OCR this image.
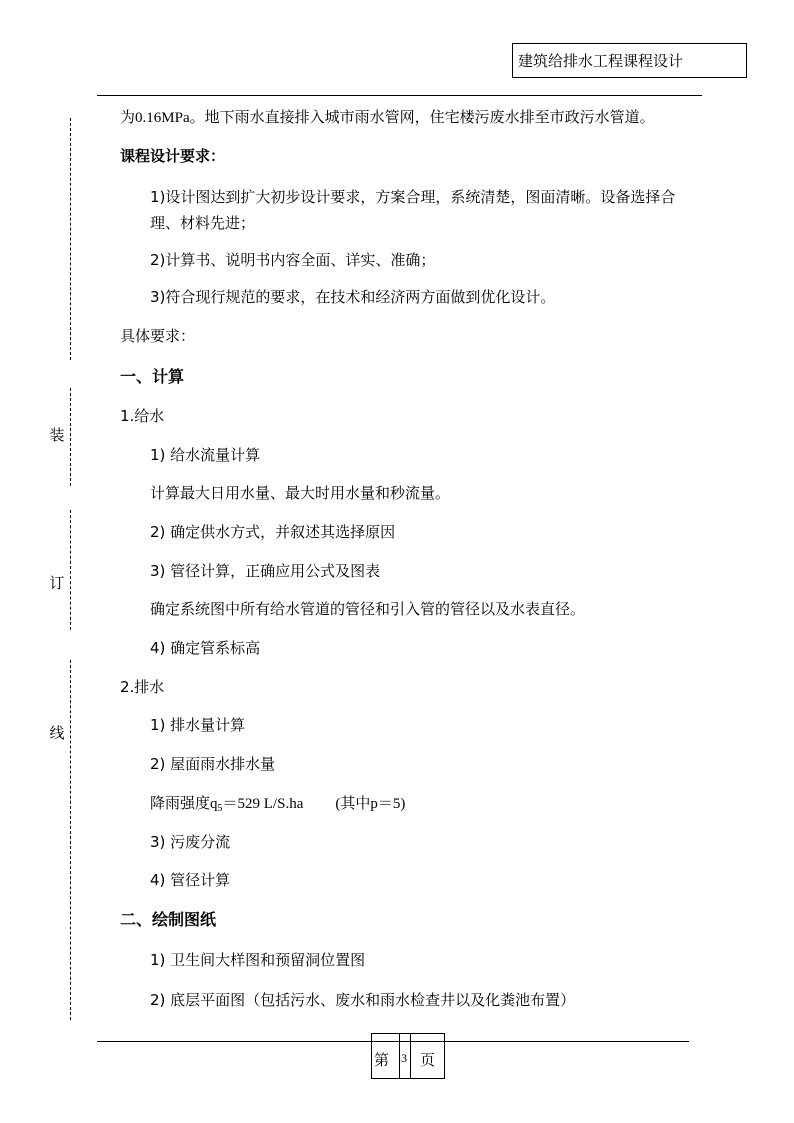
建筑给排水工程课程设计
装
订
线
为0.16MPa。地下雨水直接排入城市雨水管网，住宅楼污废水排至市政污水管道。
课程设计要求：
1)设计图达到扩大初步设计要求，方案合理，系统清楚，图面清晰。设备选择合理、材料先进；
2)计算书、说明书内容全面、详实、准确；
3)符合现行规范的要求，在技术和经济两方面做到优化设计。
具体要求：
一、计算
1.给水
1) 给水流量计算
计算最大日用水量、最大时用水量和秒流量。
2) 确定供水方式，并叙述其选择原因
3) 管径计算，正确应用公式及图表
确定系统图中所有给水管道的管径和引入管的管径以及水表直径。
4) 确定管系标高
2.排水
1) 排水量计算
2) 屋面雨水排水量
降雨强度$q_5=529$ L/S.ha (其中p＝5)
3) 污废分流
4) 管径计算
二、绘制图纸
1) 卫生间大样图和预留洞位置图
2) 底层平面图（包括污水、废水和雨水检查井以及化粪池布置）
第 3 页
